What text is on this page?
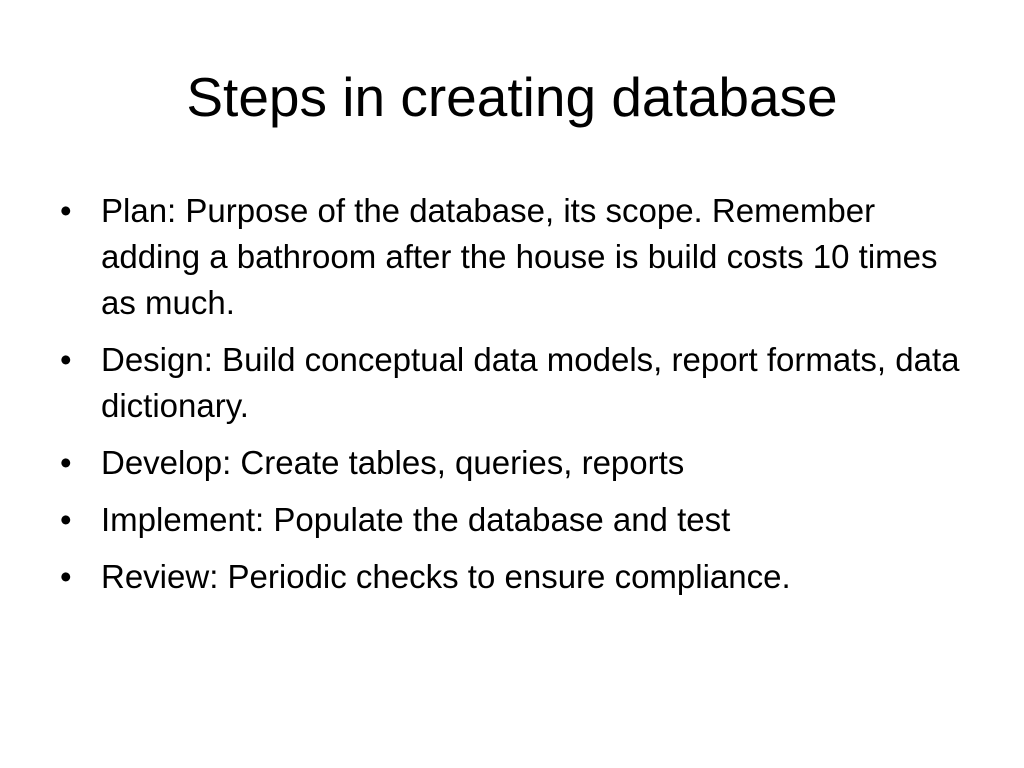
Steps in creating database
• Plan: Purpose of the database, its scope. Remember adding a bathroom after the house is build costs 10 times as much.
• Design: Build conceptual data models, report formats, data dictionary.
• Develop: Create tables, queries, reports
• Implement: Populate the database and test
• Review: Periodic checks to ensure compliance.
